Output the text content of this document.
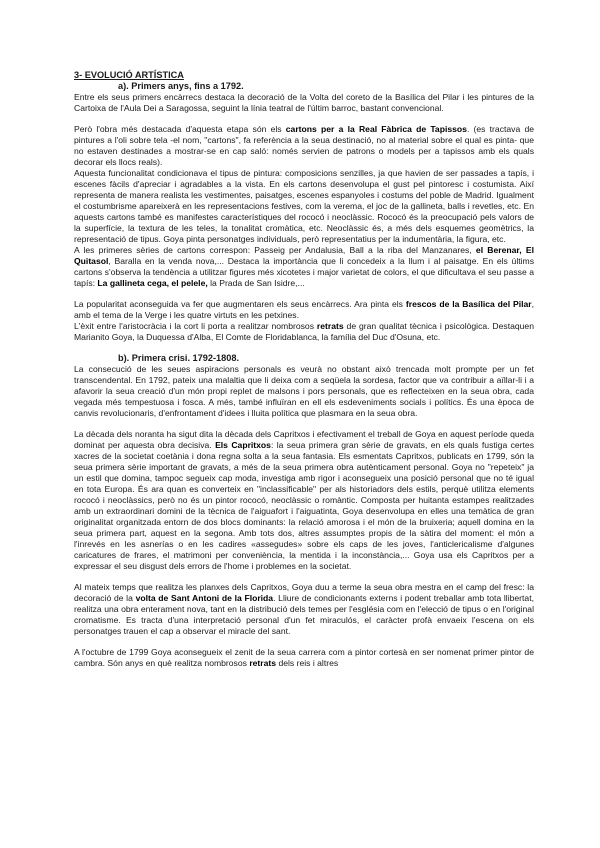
3- EVOLUCIÓ ARTÍSTICA

a). Primers anys, fins a 1792.

Entre els seus primers encàrrecs destaca la decoració de la Volta del coreto de la Basílica del Pilar i les pintures de la Cartoixa de l'Aula Dei a Saragossa, seguint la línia teatral de l'últim barroc, bastant convencional.

Però l'obra més destacada d'aquesta etapa són els cartons per a la Real Fàbrica de Tapissos. (es tractava de pintures a l'oli sobre tela -el nom, "cartons", fa referència a la seua destinació, no al material sobre el qual es pinta- que no estaven destinades a mostrar-se en cap saló: només servien de patrons o models per a tapissos amb els quals decorar els llocs reals).

Aquesta funcionalitat condicionava el tipus de pintura: composicions senzilles, ja que havien de ser passades a tapís, i escenes fàcils d'apreciar i agradables a la vista. En els cartons desenvolupa el gust pel pintoresc i costumista. Així representa de manera realista les vestimentes, paisatges, escenes espanyoles i costums del poble de Madrid. Igualment el costumbrisme apareixerà en les representacions festives, com la verema, el joc de la gallineta, balls i revetles, etc. En aquests cartons també es manifestes característiques del rococó i neoclàssic. Rococó és la preocupació pels valors de la superfície, la textura de les teles, la tonalitat cromàtica, etc. Neoclàssic és, a més dels esquemes geomètrics, la representació de tipus. Goya pinta personatges individuals, però representatius per la indumentària, la figura, etc.

A les primeres sèries de cartons correspon: Passeig per Andalusia, Ball a la riba del Manzanares, el Berenar, El Quitasol, Baralla en la venda nova,... Destaca la importància que li concedeix a la llum i al paisatge. En els últims cartons s'observa la tendència a utilitzar figures més xicotetes i major varietat de colors, el que dificultava el seu passe a tapís: La gallineta cega, el pelele, la Prada de San Isidre,...

La popularitat aconseguida va fer que augmentaren els seus encàrrecs. Ara pinta els frescos de la Basílica del Pilar, amb el tema de la Verge i les quatre virtuts en les petxines.
L'èxit entre l'aristocràcia i la cort li porta a realitzar nombrosos retrats de gran qualitat tècnica i psicològica. Destaquen Marianito Goya, la Duquessa d'Alba, El Comte de Floridablanca, la família del Duc d'Osuna, etc.

b). Primera crisi. 1792-1808.

La consecució de les seues aspiracions personals es veurà no obstant això trencada molt prompte per un fet transcendental. En 1792, pateix una malaltia que li deixa com a seqüela la sordesa, factor que va contribuir a aïllar-li i a afavorir la seua creació d'un món propi replet de malsons i pors personals, que es reflecteixen en la seua obra, cada vegada més tempestuosa i fosca. A més, també influïran en ell els esdeveniments socials i polítics. És una època de canvis revolucionaris, d'enfrontament d'idees i lluita política que plasmara en la seua obra.

La dècada dels noranta ha sigut dita la dècada dels Capritxos i efectivament el treball de Goya en aquest període queda dominat per aquesta obra decisiva. Els Capritxos: la seua primera gran sèrie de gravats, en els quals fustiga certes xacres de la societat coetània i dona regna solta a la seua fantasia. Els esmentats Capritxos, publicats en 1799, són la seua primera sèrie important de gravats, a més de la seua primera obra autènticament personal. Goya no "repeteix" ja un estil que domina, tampoc segueix cap moda, investiga amb rigor i aconsegueix una posició personal que no té igual en tota Europa. És ara quan es converteix en "inclassificable" per als historiadors dels estils, perquè utilitza elements rococó i neoclàssics, però no és un pintor rococó, neoclàssic o romàntic. Composta per huitanta estampes realitzades amb un extraordinari domini de la tècnica de l'aiguafort i l'aiguatinta, Goya desenvolupa en elles una temàtica de gran originalitat organitzada entorn de dos blocs dominants: la relació amorosa i el món de la bruixeria; aquell domina en la seua primera part, aquest en la segona. Amb tots dos, altres assumptes propis de la sàtira del moment: el món a l'inrevés en les asnerías o en les cadires «assegudes» sobre els caps de les joves, l'anticlericalisme d'algunes caricatures de frares, el matrimoni per conveniència, la mentida i la inconstància,... Goya usa els Capritxos per a expressar el seu disgust dels errors de l'home i problemes en la societat.

Al mateix temps que realitza les planxes dels Capritxos, Goya duu a terme la seua obra mestra en el camp del fresc: la decoració de la volta de Sant Antoni de la Florida. Lliure de condicionants externs i podent treballar amb tota llibertat, realitza una obra enterament nova, tant en la distribució dels temes per l'església com en l'elecció de tipus o en l'original cromatisme. Es tracta d'una interpretació personal d'un fet miraculós, el caràcter profà envaeix l'escena on els personatges trauen el cap a observar el miracle del sant.

A l'octubre de 1799 Goya aconsegueix el zenit de la seua carrera com a pintor cortesà en ser nomenat primer pintor de cambra. Són anys en què realitza nombrosos retrats dels reis i altres
